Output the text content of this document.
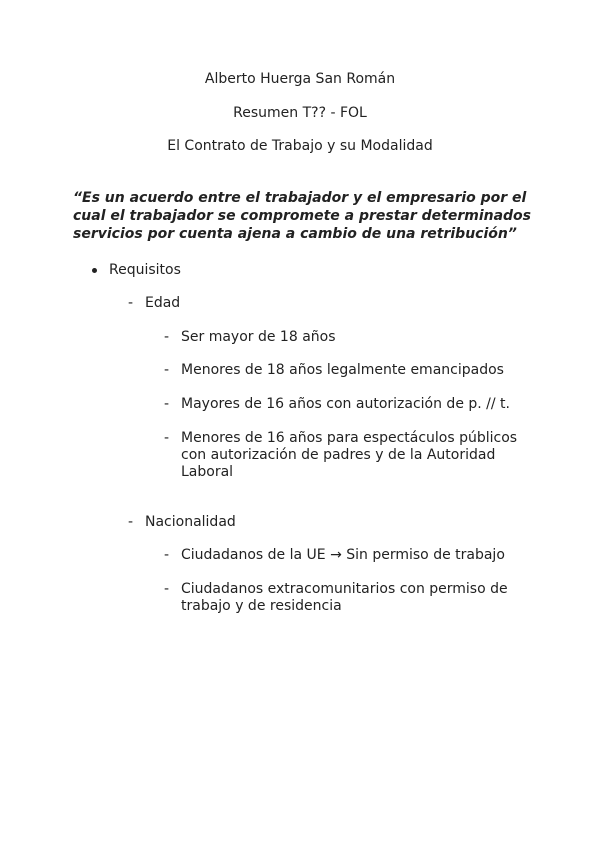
Alberto Huerga San Román
Resumen T?? - FOL
El Contrato de Trabajo y su Modalidad
“Es un acuerdo entre el trabajador y el empresario por el cual el trabajador se compromete a prestar determinados servicios por cuenta ajena a cambio de una retribución”
Requisitos
- Edad
- Ser mayor de 18 años
- Menores de 18 años legalmente emancipados
- Mayores de 16 años con autorización de p. // t.
- Menores de 16 años para espectáculos públicos con autorización de padres y de la Autoridad Laboral
- Nacionalidad
- Ciudadanos de la UE → Sin permiso de trabajo
- Ciudadanos extracomunitarios con permiso de trabajo y de residencia
